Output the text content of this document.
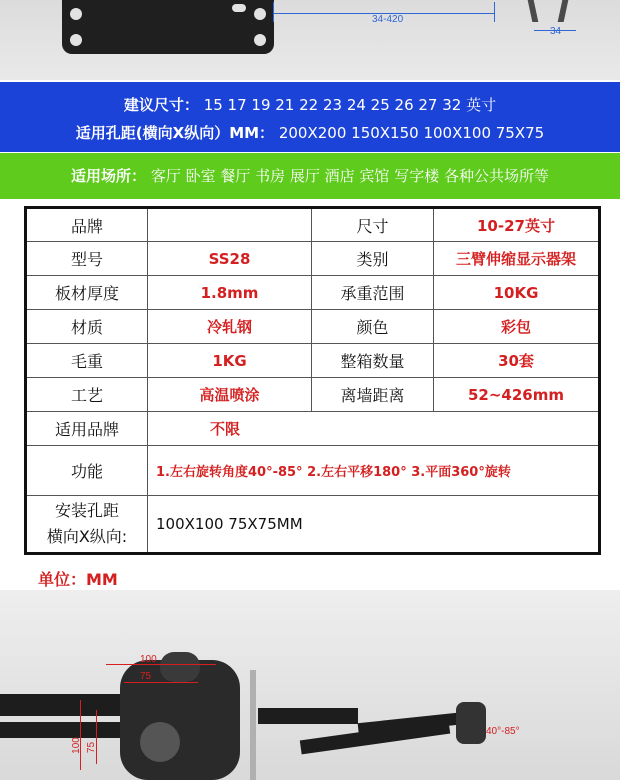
34-420
34
建议尺寸： 15 17 19 21 22 23 24 25 26 27 32 英寸
适用孔距(横向X纵向）MM： 200X200 150X150 100X100 75X75
适用场所： 客厅 卧室 餐厅 书房 展厅 酒店 宾馆 写字楼 各种公共场所等
品牌		尺寸	10-27英寸
型号	SS28	类别	三臂伸缩显示器架
板材厚度	1.8mm	承重范围	10KG
材质	冷轧钢	颜色	彩包
毛重	1KG	整箱数量	30套
工艺	高温喷涂	离墙距离	52~426mm
适用品牌	不限		
功能	1.左右旋转角度40°-85° 2.左右平移180° 3.平面360°旋转		

安装孔距
横向X纵向:	100X100 75X75MM		
单位：MM
100
75
100 75
40°-85°
